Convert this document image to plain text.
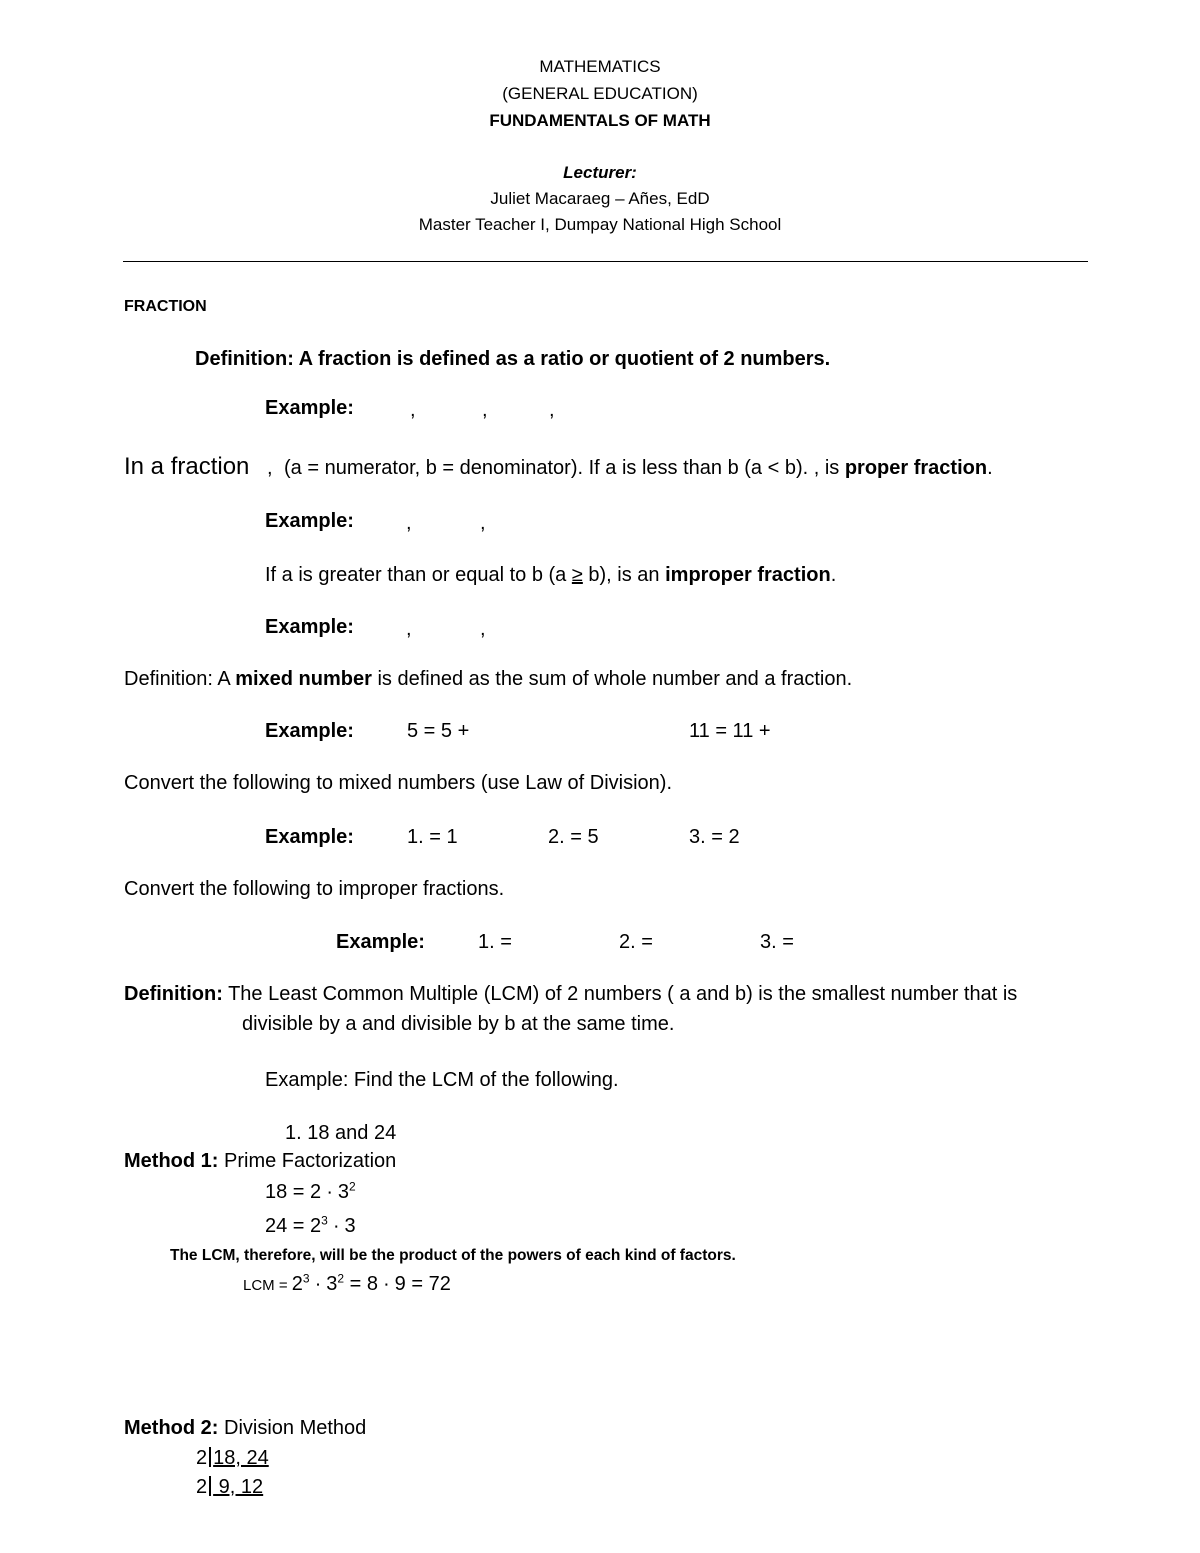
MATHEMATICS
(GENERAL EDUCATION)
FUNDAMENTALS OF MATH
Lecturer:
Juliet Macaraeg – Añes, EdD
Master Teacher I, Dumpay National High School
FRACTION
Definition: A fraction is defined as a ratio or quotient of 2 numbers.
Example:	,	,	,
In a fraction , (a = numerator, b = denominator). If a is less than b (a < b). , is proper fraction.
Example:	,	,
If a is greater than or equal to b (a ≥ b), is an improper fraction.
Example:	,	,
Definition: A mixed number is defined as the sum of whole number and a fraction.
Example:	5 = 5 +	11 = 11 +
Convert the following to mixed numbers (use Law of Division).
Example:	1. = 1	2. = 5	3. = 2
Convert the following to improper fractions.
Example:	1. =	2. =	3. =
Definition: The Least Common Multiple (LCM) of 2 numbers ( a and b) is the smallest number that is
divisible by a and divisible by b at the same time.
Example: Find the LCM of the following.
1. 18 and 24
Method 1: Prime Factorization
$18 = 2 \cdot 3^2$
$24 = 2^3 \cdot 3$
The LCM, therefore, will be the product of the powers of each kind of factors.
LCM = $2^3 \cdot 3^2 = 8 \cdot 9 = 72$
Method 2: Division Method
2 18, 24
2 9, 12
